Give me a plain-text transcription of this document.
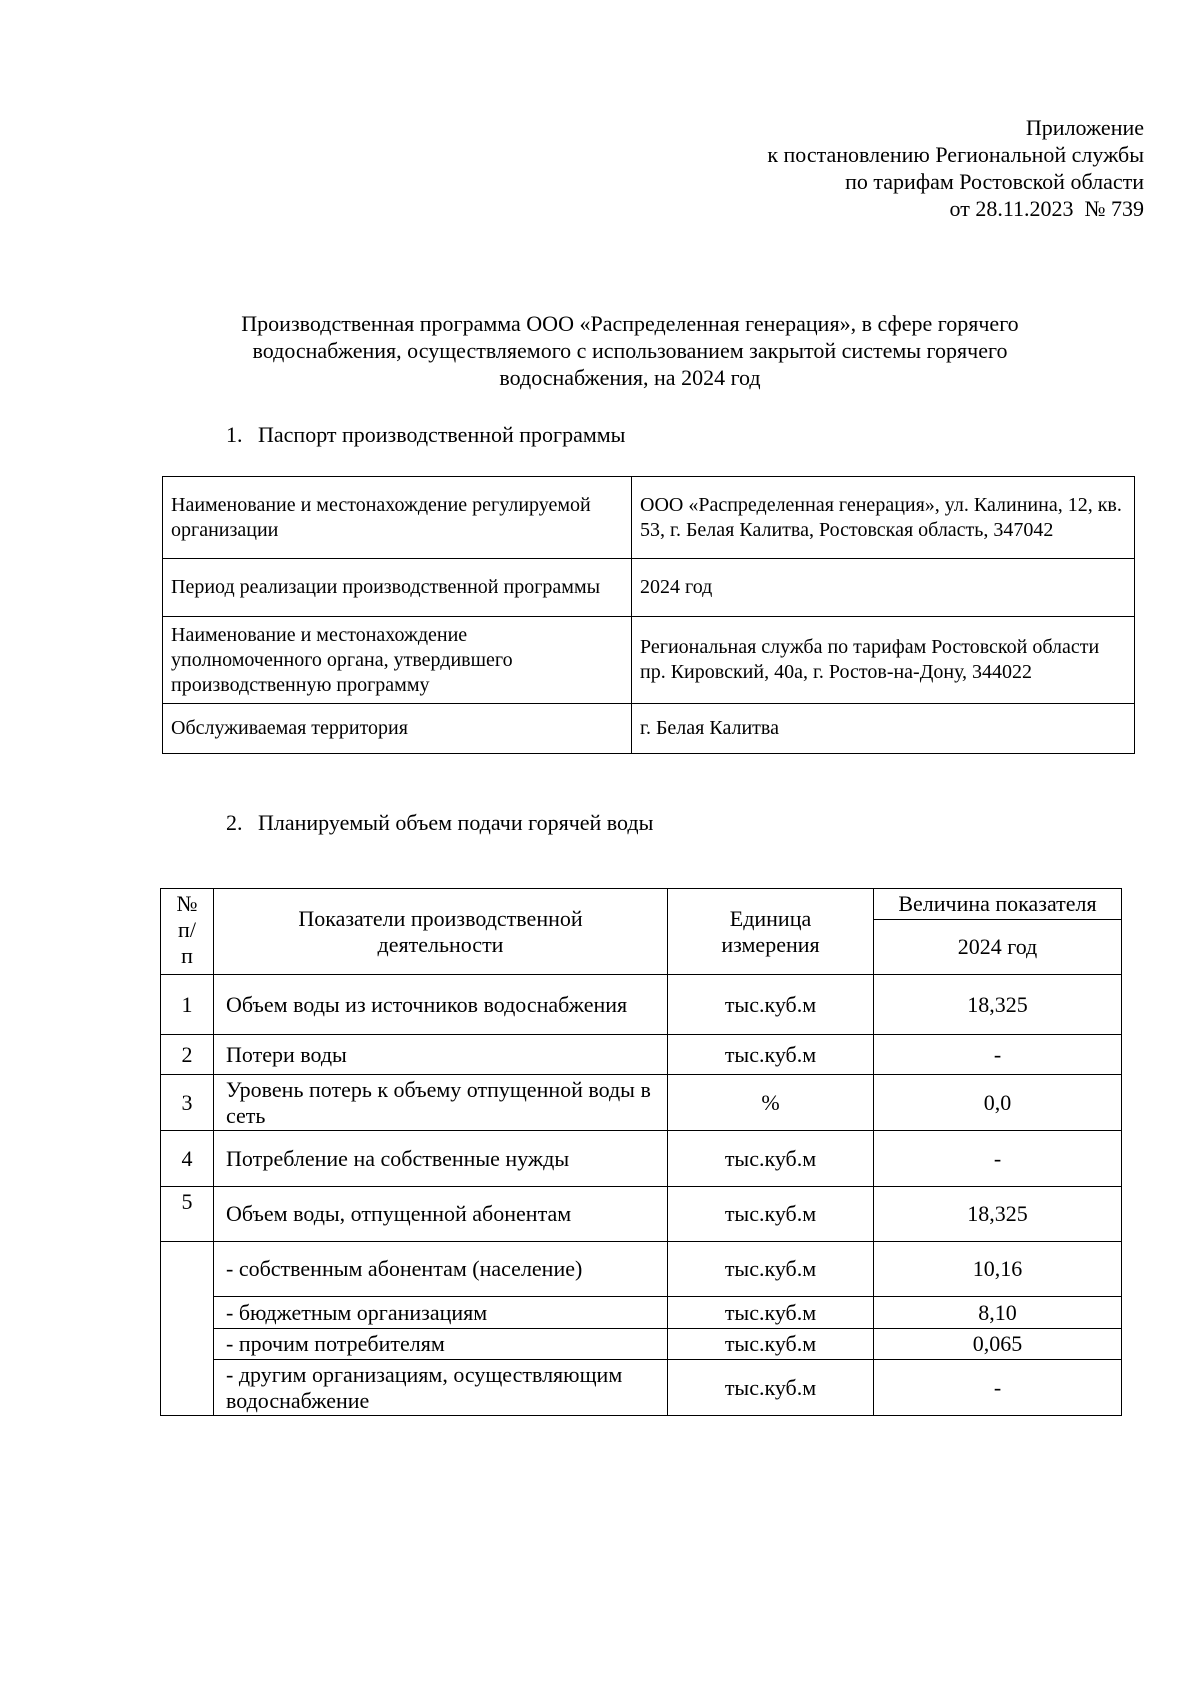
Приложение
к постановлению Региональной службы
по тарифам Ростовской области
от 28.11.2023  № 739
Производственная программа ООО «Распределенная генерация», в сфере горячего
водоснабжения, осуществляемого с использованием закрытой системы горячего
водоснабжения, на 2024 год
1. Паспорт производственной программы
Наименование и местонахождение регулируемой организации	ООО «Распределенная генерация», ул. Калинина, 12, кв. 53, г. Белая Калитва, Ростовская область, 347042
Период реализации производственной программы	2024 год
Наименование и местонахождение уполномоченного органа, утвердившего производственную программу	Региональная служба по тарифам Ростовской области
пр. Кировский, 40а, г. Ростов-на-Дону, 344022

Обслуживаемая территория	г. Белая Калитва
2. Планируемый объем подачи горячей воды
№
п/
п	Показатели производственной деятельности	Единица измерения	Величина показателя
			2024 год
1	Объем воды из источников водоснабжения	тыс.куб.м	18,325
2	Потери воды	тыс.куб.м	-
3	Уровень потерь к объему отпущенной воды в сеть	%	0,0
4	Потребление на собственные нужды	тыс.куб.м	-
5	Объем воды, отпущенной абонентам	тыс.куб.м	18,325
	- собственным абонентам (население)	тыс.куб.м	10,16
	- бюджетным организациям	тыс.куб.м	8,10
	- прочим потребителям	тыс.куб.м	0,065
	- другим организациям, осуществляющим водоснабжение	тыс.куб.м	-
